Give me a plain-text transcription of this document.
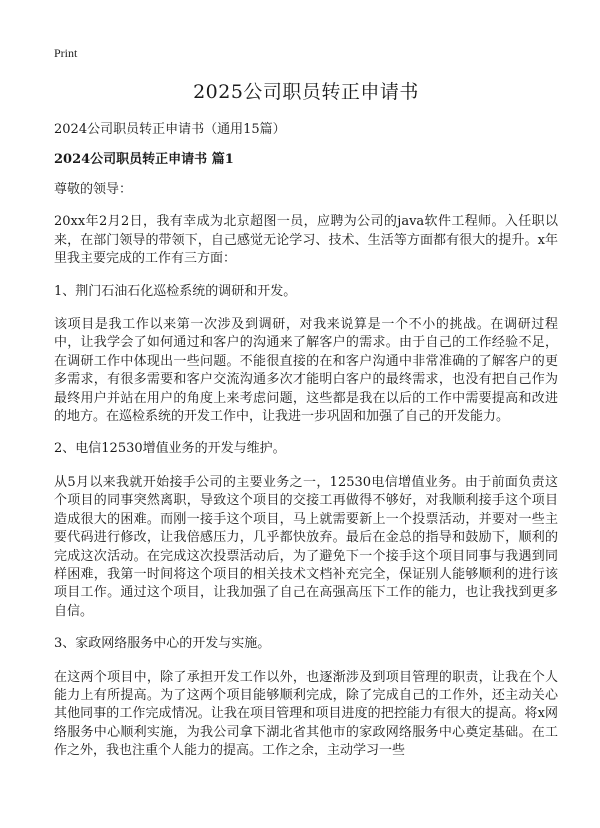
Print
2025公司职员转正申请书
2024公司职员转正申请书（通用15篇）
2024公司职员转正申请书 篇1

尊敬的领导：

20xx年2月2日，我有幸成为北京超图一员，应聘为公司的java软件工程师。入任职以来，在部门领导的带领下，自己感觉无论学习、技术、生活等方面都有很大的提升。x年里我主要完成的工作有三方面：

1、荆门石油石化巡检系统的调研和开发。

该项目是我工作以来第一次涉及到调研，对我来说算是一个不小的挑战。在调研过程中，让我学会了如何通过和客户的沟通来了解客户的需求。由于自己的工作经验不足，在调研工作中体现出一些问题。不能很直接的在和客户沟通中非常准确的了解客户的更多需求，有很多需要和客户交流沟通多次才能明白客户的最终需求，也没有把自己作为最终用户并站在用户的角度上来考虑问题，这些都是我在以后的工作中需要提高和改进的地方。在巡检系统的开发工作中，让我进一步巩固和加强了自己的开发能力。

2、电信12530增值业务的开发与维护。

从5月以来我就开始接手公司的主要业务之一，12530电信增值业务。由于前面负责这个项目的同事突然离职，导致这个项目的交接工再做得不够好，对我顺利接手这个项目造成很大的困难。而刚一接手这个项目，马上就需要新上一个投票活动，并要对一些主要代码进行修改，让我倍感压力，几乎都快放弃。最后在金总的指导和鼓励下，顺利的完成这次活动。在完成这次投票活动后，为了避免下一个接手这个项目同事与我遇到同样困难，我第一时间将这个项目的相关技术文档补充完全，保证别人能够顺利的进行该项目工作。通过这个项目，让我加强了自己在高强高压下工作的能力，也让我找到更多自信。

3、家政网络服务中心的开发与实施。

在这两个项目中，除了承担开发工作以外，也逐渐涉及到项目管理的职责，让我在个人能力上有所提高。为了这两个项目能够顺利完成，除了完成自己的工作外，还主动关心其他同事的工作完成情况。让我在项目管理和项目进度的把控能力有很大的提高。将x网络服务中心顺利实施，为我公司拿下湖北省其他市的家政网络服务中心奠定基础。在工作之外，我也注重个人能力的提高。工作之余，主动学习一些
